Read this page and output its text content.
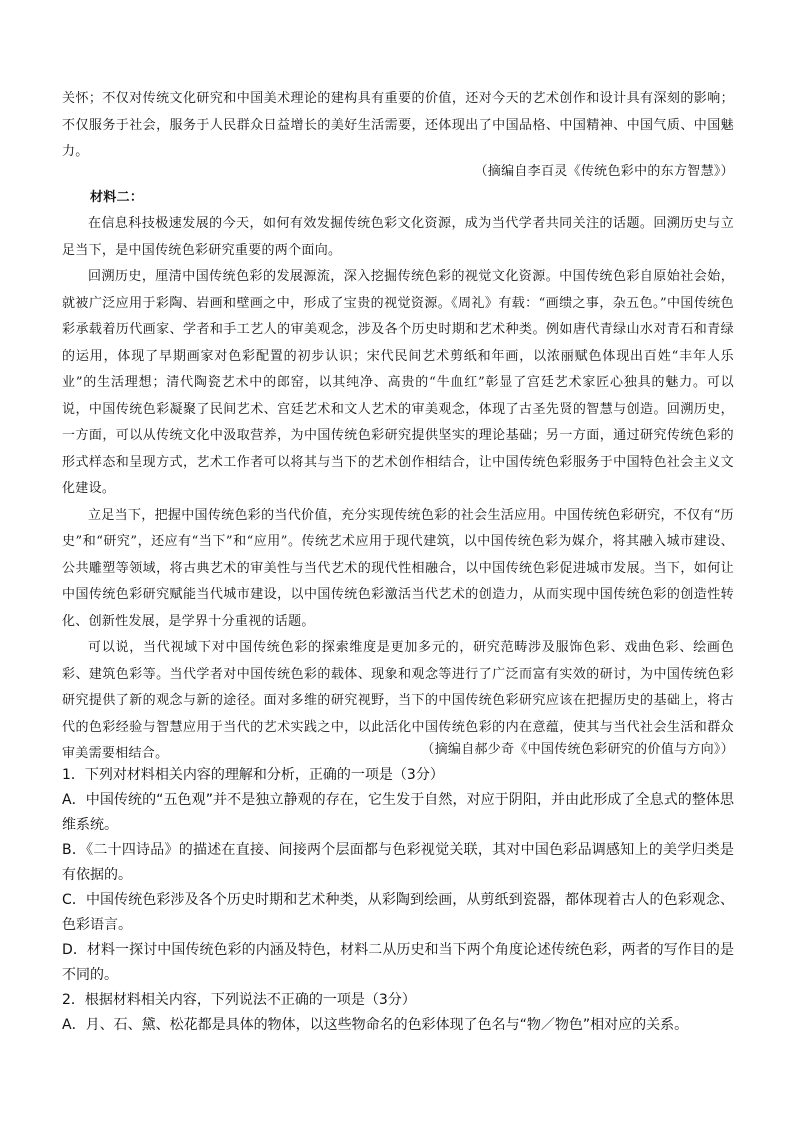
关怀；不仅对传统文化研究和中国美术理论的建构具有重要的价值，还对今天的艺术创作和设计具有深刻的影响；不仅服务于社会，服务于人民群众日益增长的美好生活需要，还体现出了中国品格、中国精神、中国气质、中国魅力。

（摘编自李百灵《传统色彩中的东方智慧》）

材料二：

在信息科技极速发展的今天，如何有效发掘传统色彩文化资源，成为当代学者共同关注的话题。回溯历史与立足当下，是中国传统色彩研究重要的两个面向。

回溯历史，厘清中国传统色彩的发展源流，深入挖掘传统色彩的视觉文化资源。中国传统色彩自原始社会始，就被广泛应用于彩陶、岩画和壁画之中，形成了宝贵的视觉资源。《周礼》有载：“画缋之事，杂五色。”中国传统色彩承载着历代画家、学者和手工艺人的审美观念，涉及各个历史时期和艺术种类。例如唐代青绿山水对青石和青绿的运用，体现了早期画家对色彩配置的初步认识；宋代民间艺术剪纸和年画，以浓丽赋色体现出百姓“丰年人乐业”的生活理想；清代陶瓷艺术中的郎窑，以其纯净、高贵的“牛血红”彰显了宫廷艺术家匠心独具的魅力。可以说，中国传统色彩凝聚了民间艺术、宫廷艺术和文人艺术的审美观念，体现了古圣先贤的智慧与创造。回溯历史，一方面，可以从传统文化中汲取营养，为中国传统色彩研究提供坚实的理论基础；另一方面，通过研究传统色彩的形式样态和呈现方式，艺术工作者可以将其与当下的艺术创作相结合，让中国传统色彩服务于中国特色社会主义文化建设。

立足当下，把握中国传统色彩的当代价值，充分实现传统色彩的社会生活应用。中国传统色彩研究，不仅有“历史”和“研究”，还应有“当下”和“应用”。传统艺术应用于现代建筑，以中国传统色彩为媒介，将其融入城市建设、公共雕塑等领域，将古典艺术的审美性与当代艺术的现代性相融合，以中国传统色彩促进城市发展。当下，如何让中国传统色彩研究赋能当代城市建设，以中国传统色彩激活当代艺术的创造力，从而实现中国传统色彩的创造性转化、创新性发展，是学界十分重视的话题。

可以说，当代视域下对中国传统色彩的探索维度是更加多元的，研究范畴涉及服饰色彩、戏曲色彩、绘画色彩、建筑色彩等。当代学者对中国传统色彩的载体、现象和观念等进行了广泛而富有实效的研讨，为中国传统色彩研究提供了新的观念与新的途径。面对多维的研究视野，当下的中国传统色彩研究应该在把握历史的基础上，将古代的色彩经验与智慧应用于当代的艺术实践之中，以此活化中国传统色彩的内在意蕴，使其与当代社会生活和群众审美需要相结合。	（摘编自郝少奇《中国传统色彩研究的价值与方向》）

1．下列对材料相关内容的理解和分析，正确的一项是（3分）

A．中国传统的“五色观”并不是独立静观的存在，它生发于自然，对应于阴阳，并由此形成了全息式的整体思维系统。

B．《二十四诗品》的描述在直接、间接两个层面都与色彩视觉关联，其对中国色彩品调感知上的美学归类是有依据的。

C．中国传统色彩涉及各个历史时期和艺术种类，从彩陶到绘画，从剪纸到瓷器，都体现着古人的色彩观念、色彩语言。

D．材料一探讨中国传统色彩的内涵及特色，材料二从历史和当下两个角度论述传统色彩，两者的写作目的是不同的。

2．根据材料相关内容，下列说法不正确的一项是（3分）

A．月、石、黛、松花都是具体的物体，以这些物命名的色彩体现了色名与“物／物色”相对应的关系。
